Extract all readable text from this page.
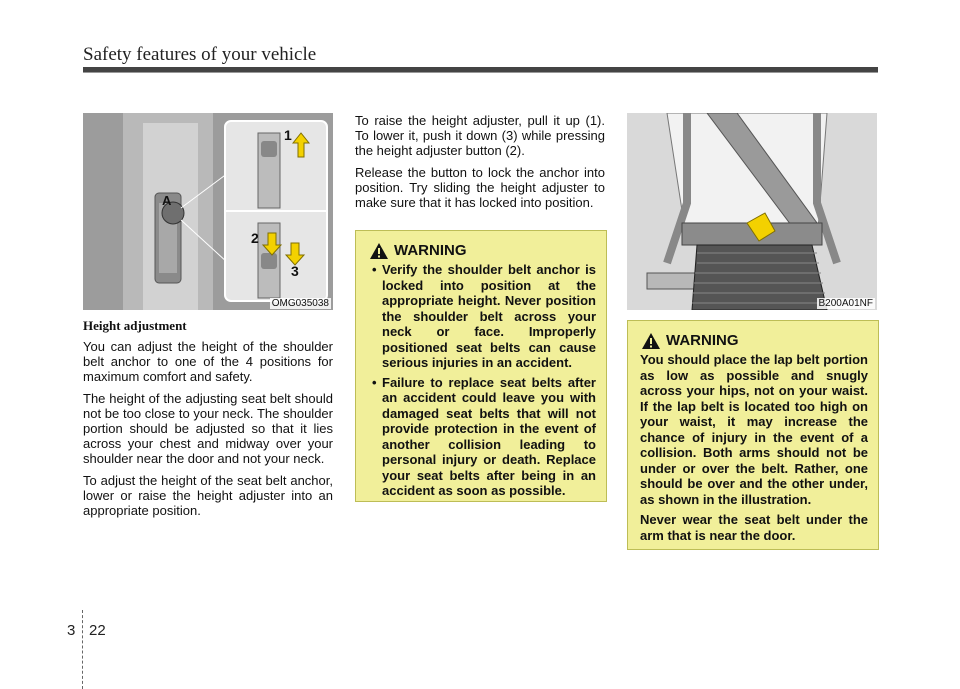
Safety features of your vehicle
A
1
2
3
OMG035038
Height adjustment

You can adjust the height of the shoulder belt anchor to one of the 4 positions for maximum comfort and safety.

The height of the adjusting seat belt should not be too close to your neck. The shoulder portion should be adjusted so that it lies across your chest and midway over your shoulder near the door and not your neck.

To adjust the height of the seat belt anchor, lower or raise the height adjuster into an appropriate position.

To raise the height adjuster, pull it up (1). To lower it, push it down (3) while pressing the height adjuster button (2).

Release the button to lock the anchor into position. Try sliding the height adjuster to make sure that it has locked into position.

WARNING
• Verify the shoulder belt anchor is locked into position at the appropriate height. Never position the shoulder belt across your neck or face. Improperly positioned seat belts can cause serious injuries in an accident.
• Failure to replace seat belts after an accident could leave you with damaged seat belts that will not provide protection in the event of another collision leading to personal injury or death. Replace your seat belts after being in an accident as soon as possible.
B200A01NF
WARNING

You should place the lap belt portion as low as possible and snugly across your hips, not on your waist. If the lap belt is located too high on your waist, it may increase the chance of injury in the event of a collision. Both arms should not be under or over the belt. Rather, one should be over and the other under, as shown in the illustration.

Never wear the seat belt under the arm that is near the door.

3 22
